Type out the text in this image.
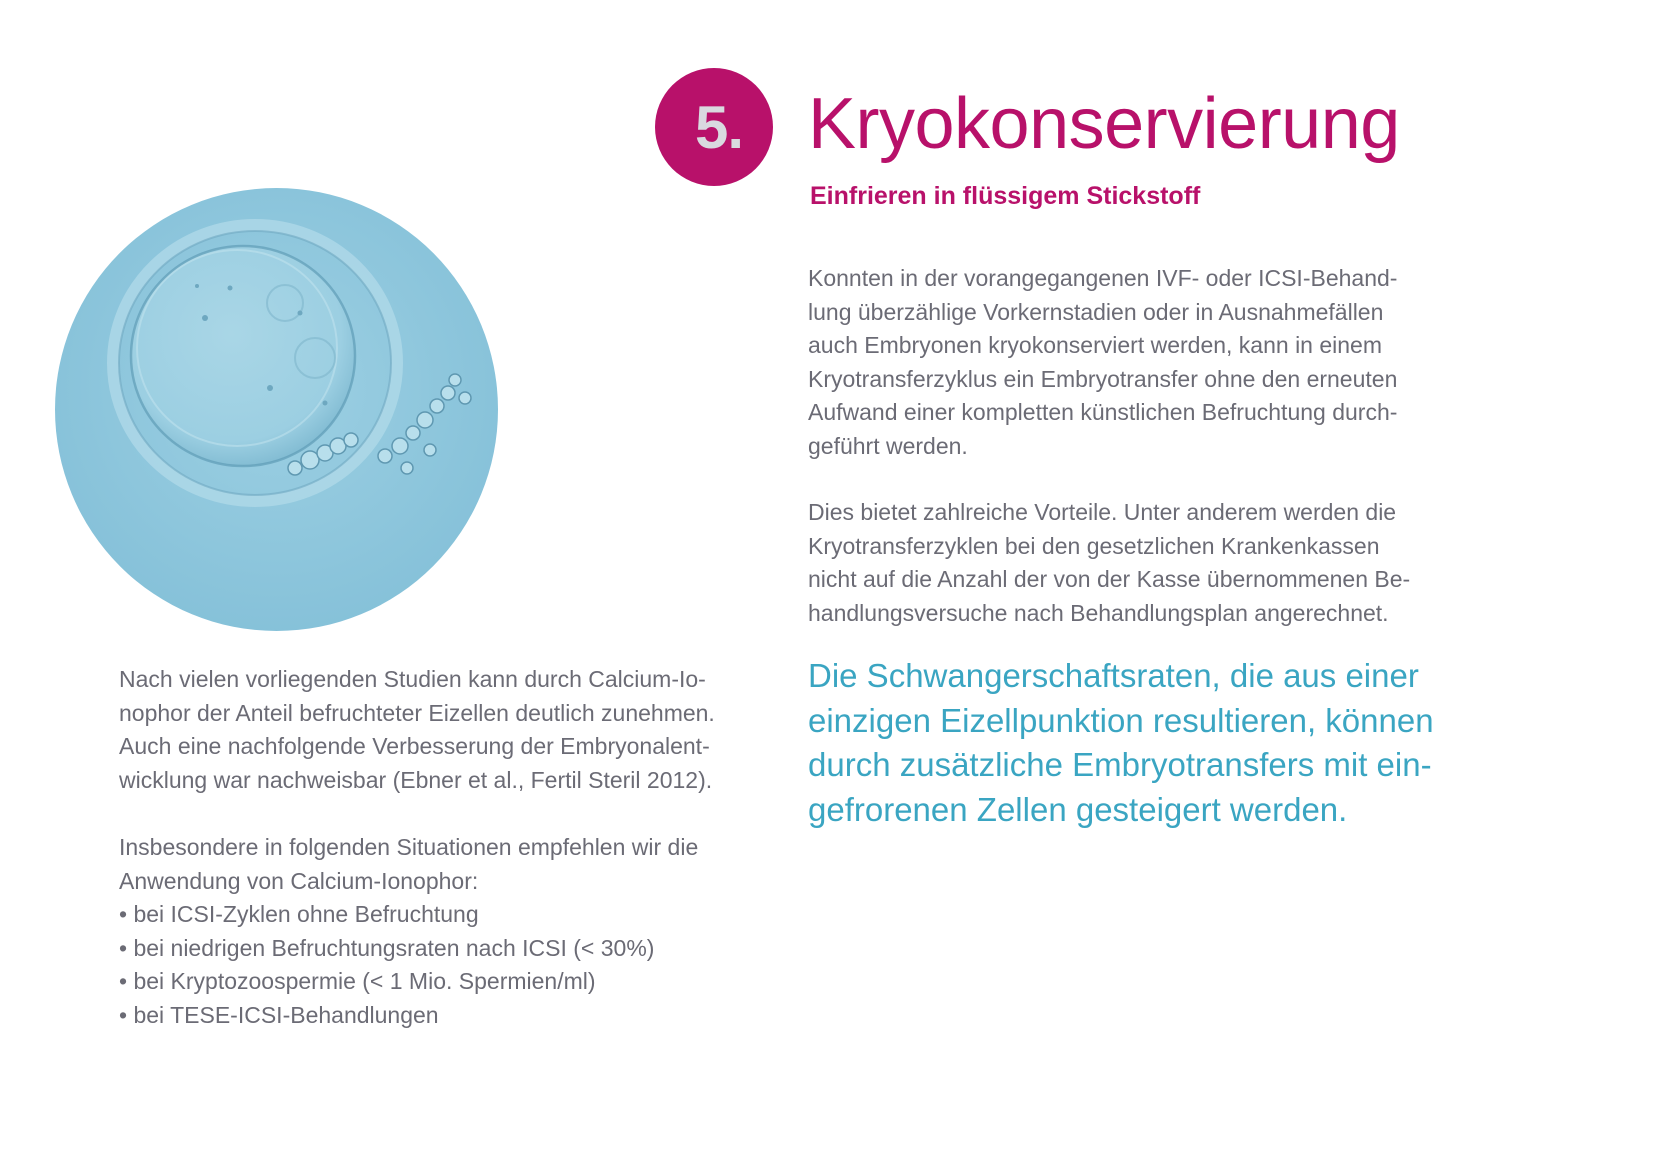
5. Kryokonservierung
Einfrieren in flüssigem Stickstoff

Konnten in der vorangegangenen IVF- oder ICSI-Behand-
lung überzählige Vorkernstadien oder in Ausnahmefällen
auch Embryonen kryokonserviert werden, kann in einem
Kryotransferzyklus ein Embryotransfer ohne den erneuten
Aufwand einer kompletten künstlichen Befruchtung durch-
geführt werden.

Dies bietet zahlreiche Vorteile. Unter anderem werden die
Kryotransferzyklen bei den gesetzlichen Krankenkassen
nicht auf die Anzahl der von der Kasse übernommenen Be-
handlungsversuche nach Behandlungsplan angerechnet.

Die Schwangerschaftsraten, die aus einer
einzigen Eizellpunktion resultieren, können
durch zusätzliche Embryotransfers mit ein-
gefrorenen Zellen gesteigert werden.

Nach vielen vorliegenden Studien kann durch Calcium-Io-
nophor der Anteil befruchteter Eizellen deutlich zunehmen.
Auch eine nachfolgende Verbesserung der Embryonalent-
wicklung war nachweisbar (Ebner et al., Fertil Steril 2012).

Insbesondere in folgenden Situationen empfehlen wir die
Anwendung von Calcium-Ionophor:

• bei ICSI-Zyklen ohne Befruchtung
• bei niedrigen Befruchtungsraten nach ICSI (< 30%)
• bei Kryptozoospermie (< 1 Mio. Spermien/ml)
• bei TESE-ICSI-Behandlungen
